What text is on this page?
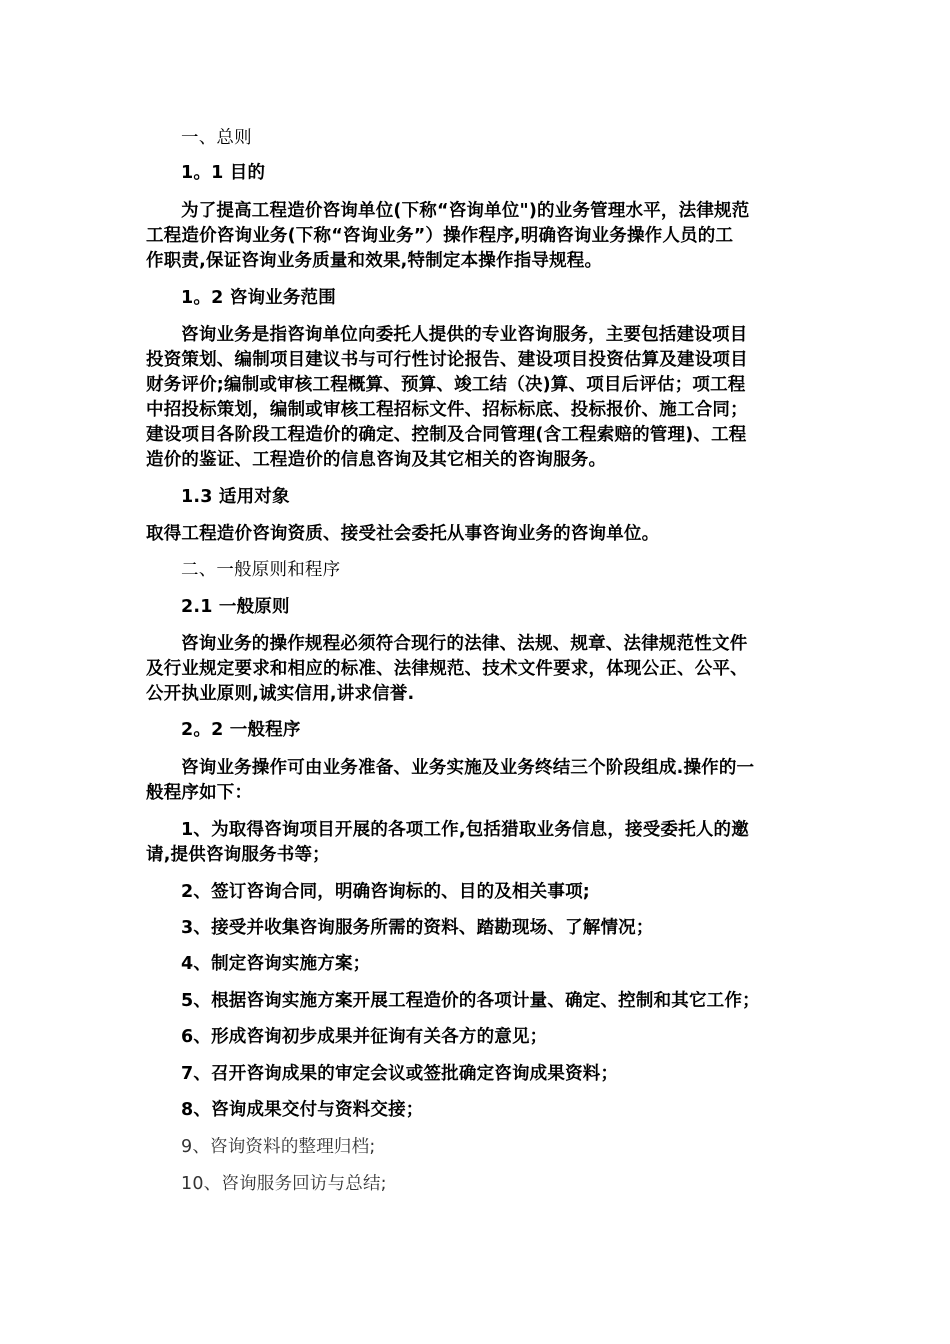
一、总则
1。1 目的
为了提高工程造价咨询单位(下称“咨询单位")的业务管理水平，法律规范
工程造价咨询业务(下称“咨询业务”）操作程序,明确咨询业务操作人员的工
作职责,保证咨询业务质量和效果,特制定本操作指导规程。
1。2 咨询业务范围
咨询业务是指咨询单位向委托人提供的专业咨询服务，主要包括建设项目
投资策划、编制项目建议书与可行性讨论报告、建设项目投资估算及建设项目
财务评价;编制或审核工程概算、预算、竣工结（决)算、项目后评估；项工程
中招投标策划，编制或审核工程招标文件、招标标底、投标报价、施工合同；
建设项目各阶段工程造价的确定、控制及合同管理(含工程索赔的管理)、工程
造价的鉴证、工程造价的信息咨询及其它相关的咨询服务。
1.3 适用对象
取得工程造价咨询资质、接受社会委托从事咨询业务的咨询单位。
二、一般原则和程序
2.1 一般原则
咨询业务的操作规程必须符合现行的法律、法规、规章、法律规范性文件
及行业规定要求和相应的标准、法律规范、技术文件要求，体现公正、公平、
公开执业原则,诚实信用,讲求信誉.
2。2 一般程序
咨询业务操作可由业务准备、业务实施及业务终结三个阶段组成.操作的一
般程序如下：
1、为取得咨询项目开展的各项工作,包括猎取业务信息，接受委托人的邀
请,提供咨询服务书等；
2、签订咨询合同，明确咨询标的、目的及相关事项;
3、接受并收集咨询服务所需的资料、踏勘现场、了解情况；
4、制定咨询实施方案；
5、根据咨询实施方案开展工程造价的各项计量、确定、控制和其它工作；
6、形成咨询初步成果并征询有关各方的意见；
7、召开咨询成果的审定会议或签批确定咨询成果资料；
8、咨询成果交付与资料交接；
9、咨询资料的整理归档;
10、咨询服务回访与总结;
